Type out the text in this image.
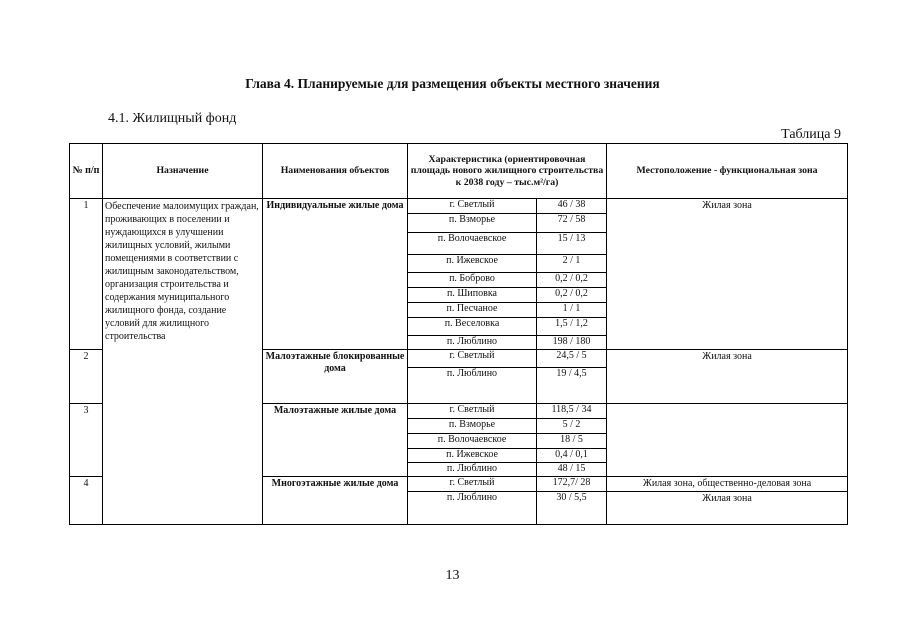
Глава 4. Планируемые для размещения объекты местного значения
4.1. Жилищный фонд
Таблица 9
№ п/п	Назначение	Наименования объектов	Характеристика (ориентировочная площадь нового жилищного строительства к 2038 году – тыс.м²/га)		Местоположение - функциональная зона
1	Обеспечение малоимущих граждан, проживающих в поселении и нуждающихся в улучшении жилищных условий, жилыми помещениями в соответствии с жилищным законодательством, организация строительства и содержания муниципального жилищного фонда, создание условий для жилищного строительства	Индивидуальные жилые дома	г. Светлый	46 / 38	Жилая зона
			п. Взморье	72 / 58	
			п. Волочаевское	15 / 13	
			п. Ижевское	2 / 1	
			п. Боброво	0,2 / 0,2	
			п. Шиповка	0,2 / 0,2	
			п. Песчаное	1 / 1	
			п. Веселовка	1,5 / 1,2	
			п. Люблино	198 / 180	
2		Малоэтажные блокированные дома	г. Светлый	24,5 / 5	Жилая зона
			п. Люблино	19 / 4,5	
3		Малоэтажные жилые дома	г. Светлый	118,5 / 34	
			п. Взморье	5 / 2	
			п. Волочаевское	18 / 5	
			п. Ижевское	0,4 / 0,1	
			п. Люблино	48 / 15	
4		Многоэтажные жилые дома	г. Светлый	172,7/ 28	Жилая зона, общественно-деловая зона
			п. Люблино	30 / 5,5	Жилая зона
13
